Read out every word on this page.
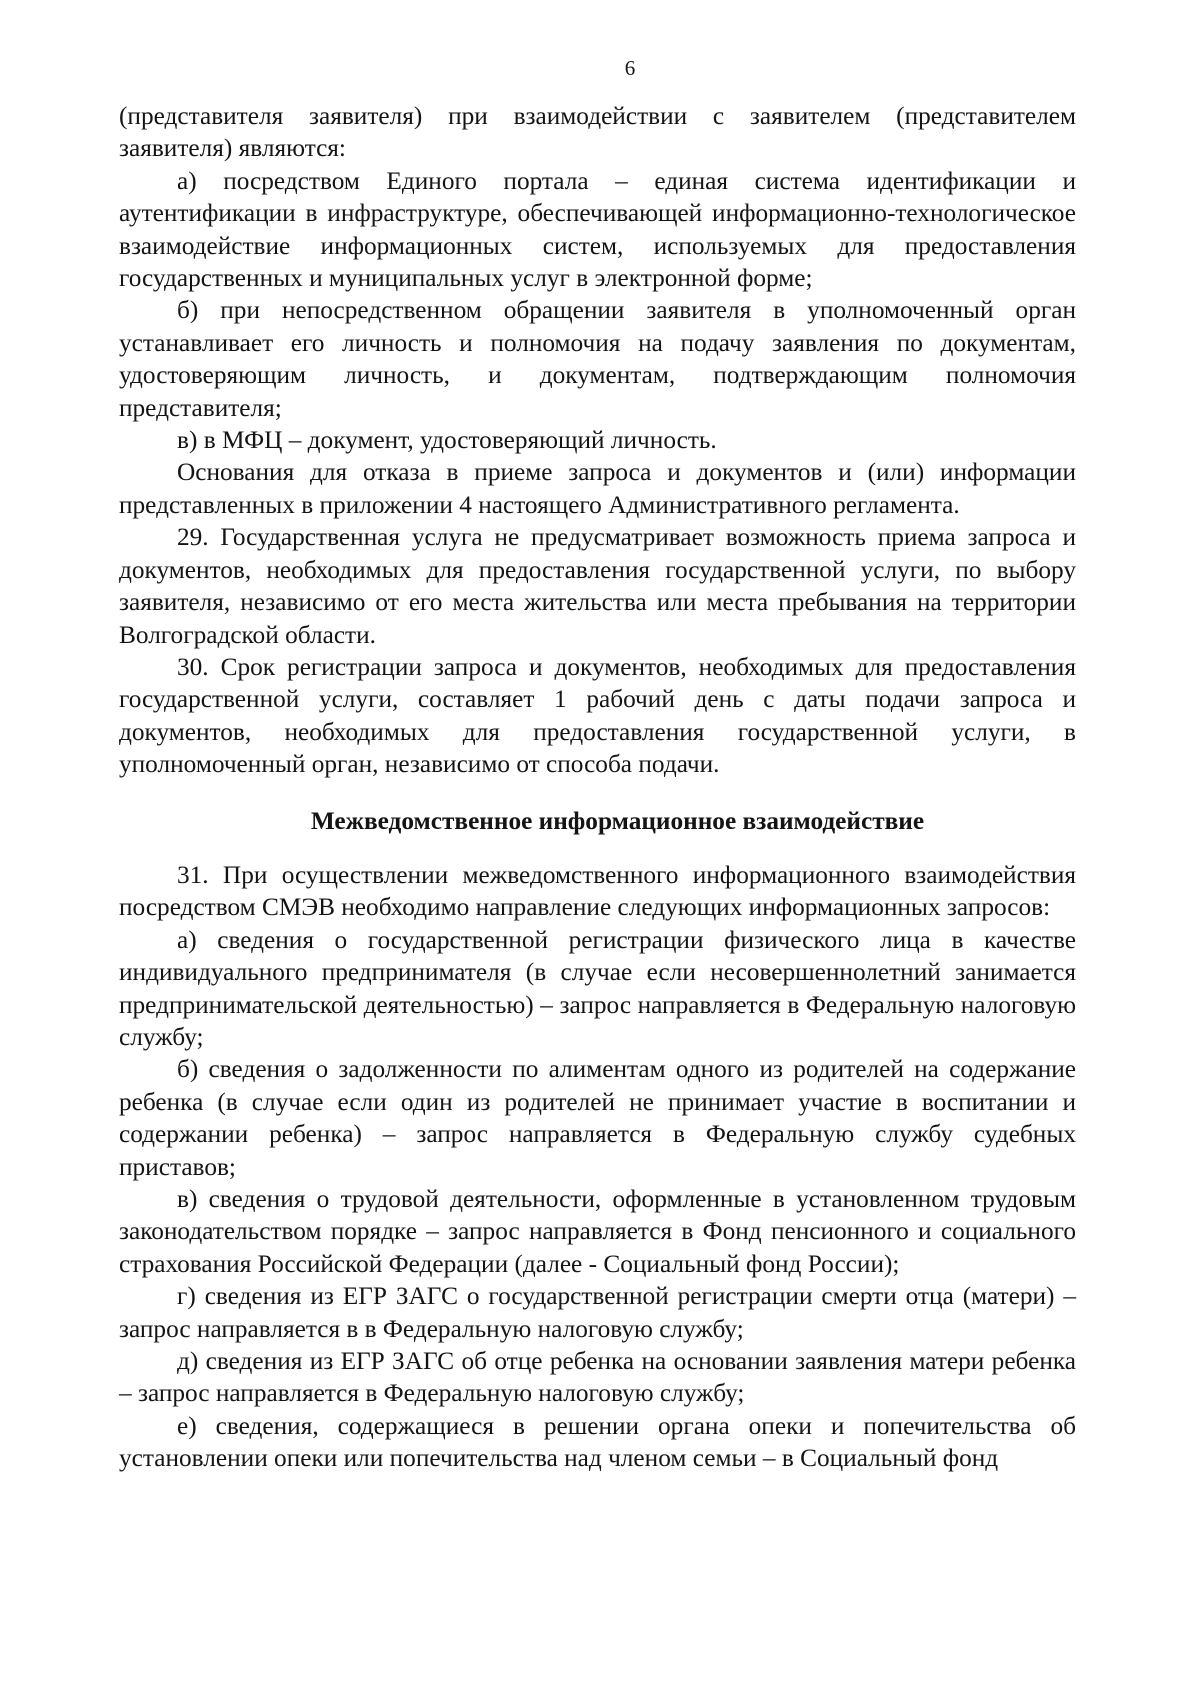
6

(представителя заявителя) при взаимодействии с заявителем (представителем заявителя) являются:

а) посредством Единого портала – единая система идентификации и аутентификации в инфраструктуре, обеспечивающей информационно-технологическое взаимодействие информационных систем, используемых для предоставления государственных и муниципальных услуг в электронной форме;

б) при непосредственном обращении заявителя в уполномоченный орган устанавливает его личность и полномочия на подачу заявления по документам, удостоверяющим личность, и документам, подтверждающим полномочия представителя;

в) в МФЦ – документ, удостоверяющий личность.

Основания для отказа в приеме запроса и документов и (или) информации представленных в приложении 4 настоящего Административного регламента.

29. Государственная услуга не предусматривает возможность приема запроса и документов, необходимых для предоставления государственной услуги, по выбору заявителя, независимо от его места жительства или места пребывания на территории Волгоградской области.

30. Срок регистрации запроса и документов, необходимых для предоставления государственной услуги, составляет 1 рабочий день с даты подачи запроса и документов, необходимых для предоставления государственной услуги, в уполномоченный орган, независимо от способа подачи.

Межведомственное информационное взаимодействие

31. При осуществлении межведомственного информационного взаимодействия посредством СМЭВ необходимо направление следующих информационных запросов:

а) сведения о государственной регистрации физического лица в качестве индивидуального предпринимателя (в случае если несовершеннолетний занимается предпринимательской деятельностью) – запрос направляется в Федеральную налоговую службу;

б) сведения о задолженности по алиментам одного из родителей на содержание ребенка (в случае если один из родителей не принимает участие в воспитании и содержании ребенка) – запрос направляется в Федеральную службу судебных приставов;

в) сведения о трудовой деятельности, оформленные в установленном трудовым законодательством порядке – запрос направляется в Фонд пенсионного и социального страхования Российской Федерации (далее - Социальный фонд России);

г) сведения из ЕГР ЗАГС о государственной регистрации смерти отца (матери) – запрос направляется в в Федеральную налоговую службу;

д) сведения из ЕГР ЗАГС об отце ребенка на основании заявления матери ребенка – запрос направляется в Федеральную налоговую службу;

е) сведения, содержащиеся в решении органа опеки и попечительства об установлении опеки или попечительства над членом семьи – в Социальный фонд
